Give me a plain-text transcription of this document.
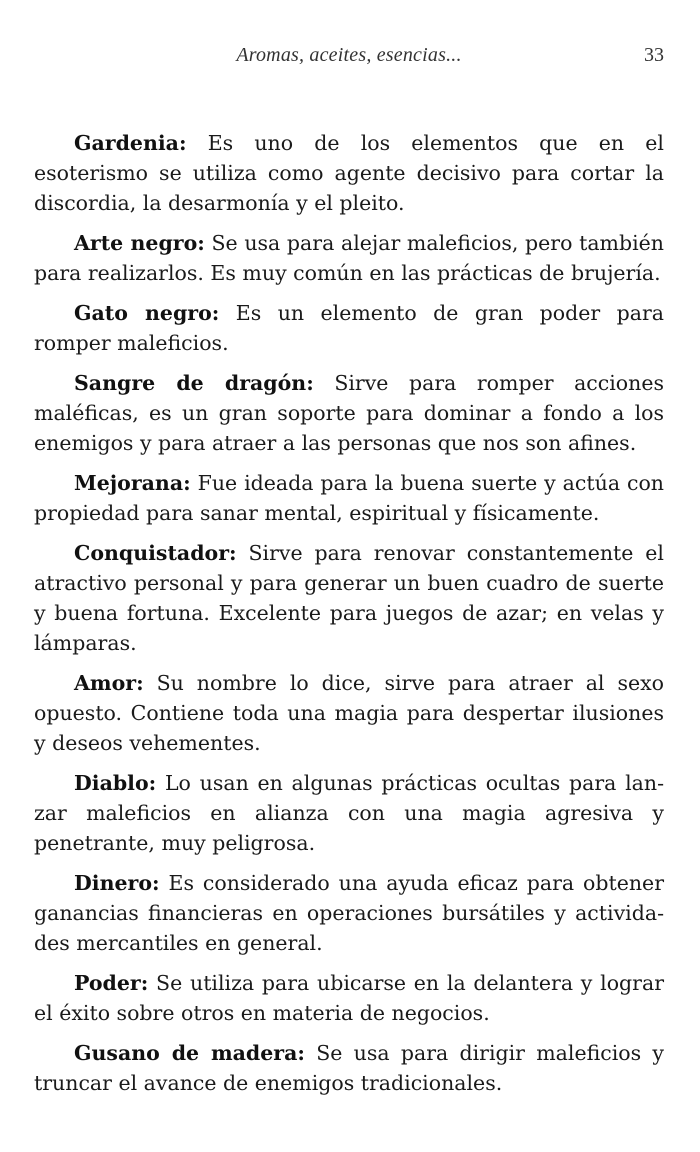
Aromas, aceites, esencias...	33

Gardenia: Es uno de los elementos que en el esoterismo se utiliza como agente decisivo para cortar la discordia, la desarmonía y el pleito.

Arte negro: Se usa para alejar maleficios, pero también para realizarlos. Es muy común en las prácticas de brujería.

Gato negro: Es un elemento de gran poder para romper maleficios.

Sangre de dragón: Sirve para romper acciones maléficas, es un gran soporte para dominar a fondo a los enemigos y para atraer a las personas que nos son afines.

Mejorana: Fue ideada para la buena suerte y actúa con propiedad para sanar mental, espiritual y físicamente.

Conquistador: Sirve para renovar constantemente el atractivo personal y para generar un buen cuadro de suerte y buena fortuna. Excelente para juegos de azar; en velas y lámparas.

Amor: Su nombre lo dice, sirve para atraer al sexo opuesto. Contiene toda una magia para despertar ilusiones y deseos vehementes.

Diablo: Lo usan en algunas prácticas ocultas para lanzar maleficios en alianza con una magia agresiva y penetrante, muy peligrosa.

Dinero: Es considerado una ayuda eficaz para obtener ganancias financieras en operaciones bursátiles y actividades mercantiles en general.

Poder: Se utiliza para ubicarse en la delantera y lograr el éxito sobre otros en materia de negocios.

Gusano de madera: Se usa para dirigir maleficios y truncar el avance de enemigos tradicionales.
